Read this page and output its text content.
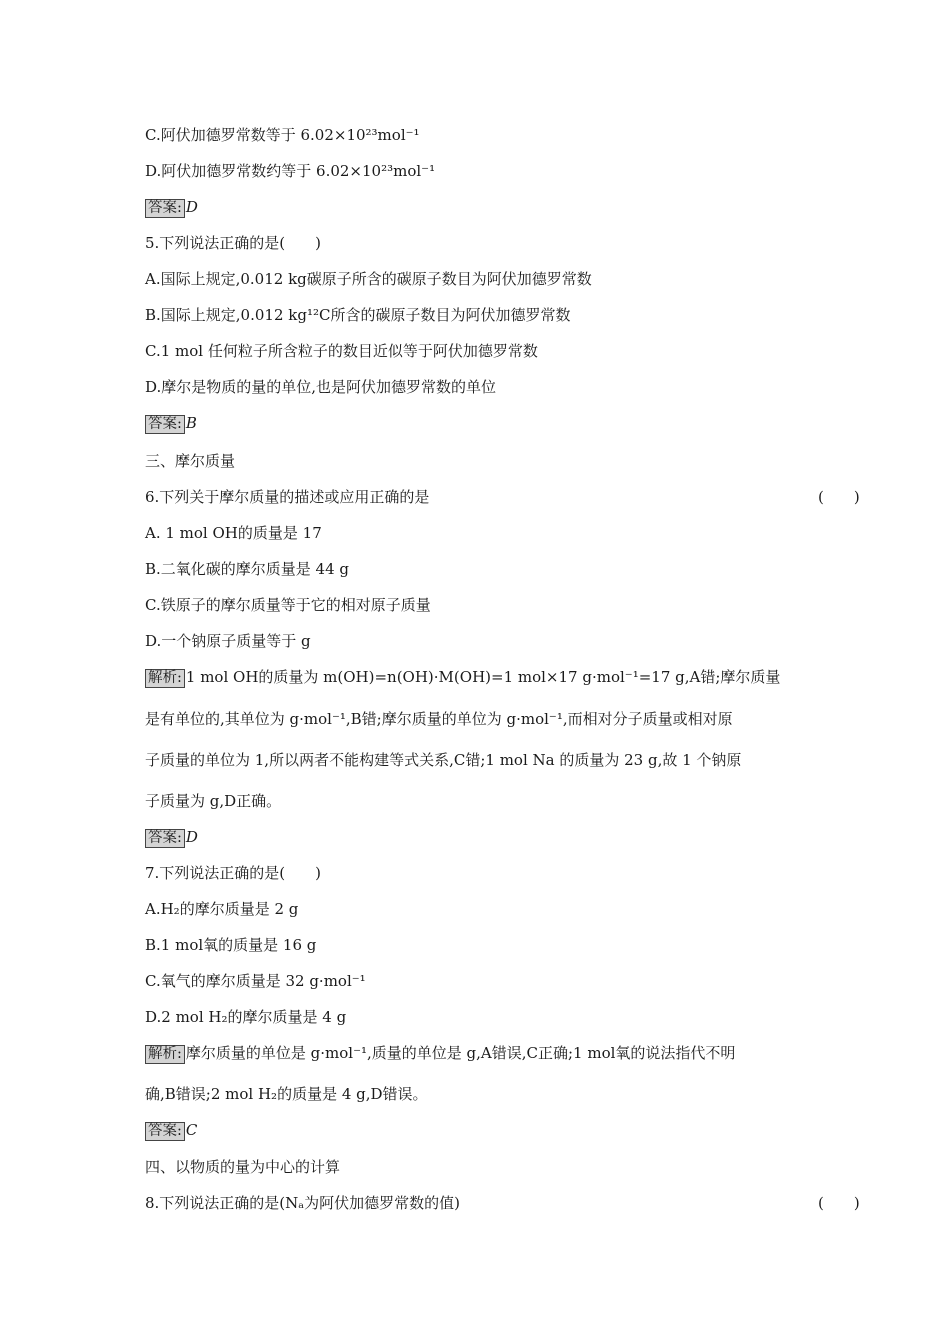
C.阿伏加德罗常数等于 6.02×10²³mol⁻¹
D.阿伏加德罗常数约等于 6.02×10²³mol⁻¹
答案: D
5.下列说法正确的是(　　)
A.国际上规定,0.012 kg碳原子所含的碳原子数目为阿伏加德罗常数
B.国际上规定,0.012 kg¹²C所含的碳原子数目为阿伏加德罗常数
C.1 mol 任何粒子所含粒子的数目近似等于阿伏加德罗常数
D.摩尔是物质的量的单位,也是阿伏加德罗常数的单位
答案: B
三、摩尔质量
6.下列关于摩尔质量的描述或应用正确的是	(　　)
A. 1 mol OH的质量是 17
B.二氧化碳的摩尔质量是 44 g
C.铁原子的摩尔质量等于它的相对原子质量
D.一个钠原子质量等于 g
解析: 1 mol OH的质量为 m(OH)=n(OH)·M(OH)=1 mol×17 g·mol⁻¹=17 g,A错;摩尔质量
是有单位的,其单位为 g·mol⁻¹,B错;摩尔质量的单位为 g·mol⁻¹,而相对分子质量或相对原
子质量的单位为 1,所以两者不能构建等式关系,C错;1 mol Na 的质量为 23 g,故 1 个钠原
子质量为 g,D正确。
答案: D
7.下列说法正确的是(　　)
A.H₂的摩尔质量是 2 g
B.1 mol氧的质量是 16 g
C.氧气的摩尔质量是 32 g·mol⁻¹
D.2 mol H₂的摩尔质量是 4 g
解析: 摩尔质量的单位是 g·mol⁻¹,质量的单位是 g,A错误,C正确;1 mol氧的说法指代不明
确,B错误;2 mol H₂的质量是 4 g,D错误。
答案: C
四、以物质的量为中心的计算
8.下列说法正确的是(Nₐ为阿伏加德罗常数的值)	(　　)
